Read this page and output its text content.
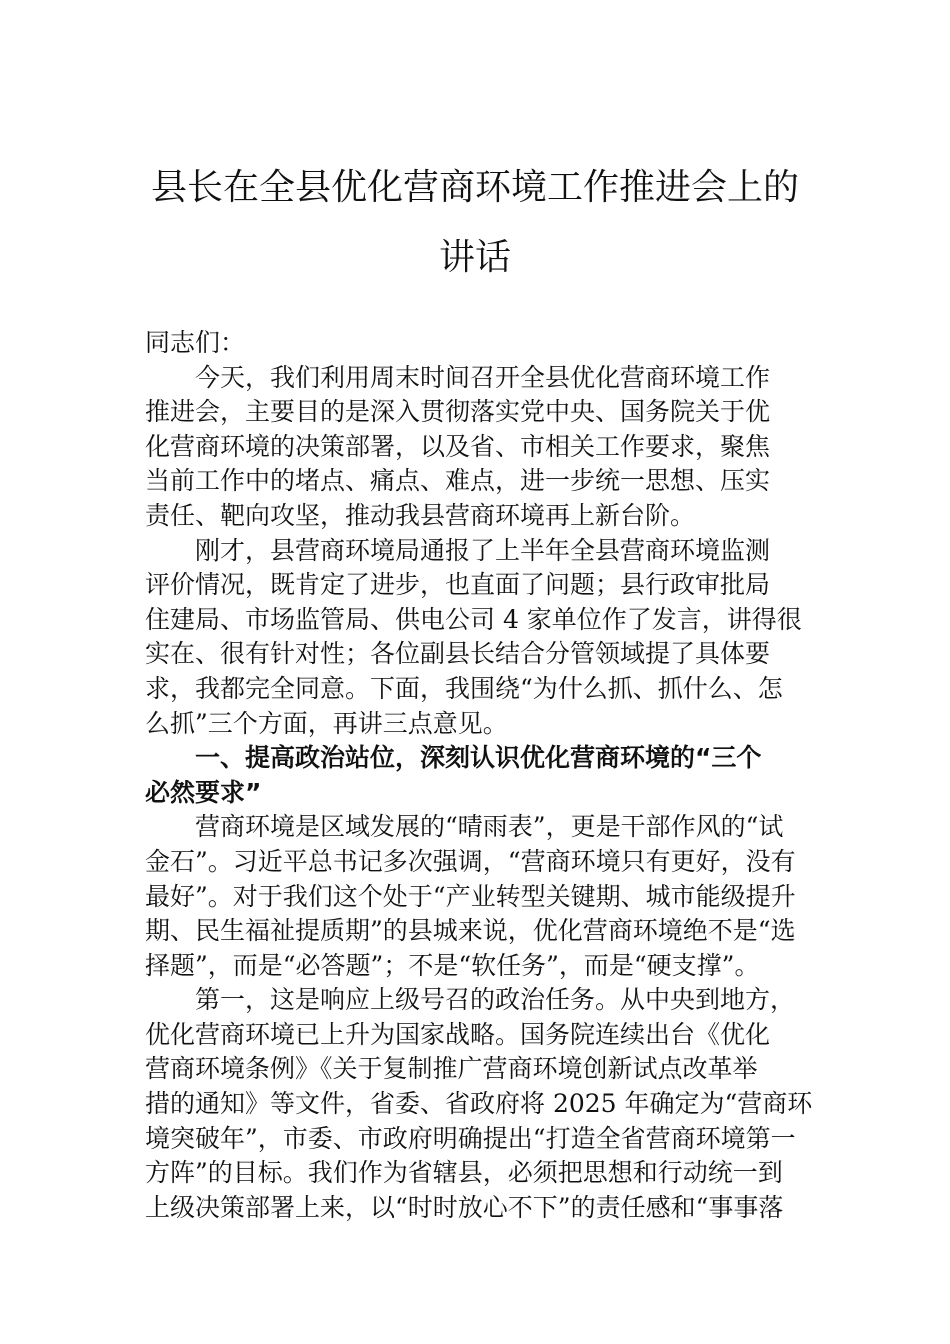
县长在全县优化营商环境工作推进会上的
讲话
同志们：
　　今天，我们利用周末时间召开全县优化营商环境工作
推进会，主要目的是深入贯彻落实党中央、国务院关于优
化营商环境的决策部署，以及省、市相关工作要求，聚焦
当前工作中的堵点、痛点、难点，进一步统一思想、压实
责任、靶向攻坚，推动我县营商环境再上新台阶。
　　刚才，县营商环境局通报了上半年全县营商环境监测
评价情况，既肯定了进步，也直面了问题；县行政审批局
住建局、市场监管局、供电公司 4 家单位作了发言，讲得很
实在、很有针对性；各位副县长结合分管领域提了具体要
求，我都完全同意。下面，我围绕“为什么抓、抓什么、怎
么抓”三个方面，再讲三点意见。
　　一、提高政治站位，深刻认识优化营商环境的“三个
必然要求”
　　营商环境是区域发展的“晴雨表”，更是干部作风的“试
金石”。习近平总书记多次强调，“营商环境只有更好，没有
最好”。对于我们这个处于“产业转型关键期、城市能级提升
期、民生福祉提质期”的县城来说，优化营商环境绝不是“选
择题”，而是“必答题”；不是“软任务”，而是“硬支撑”。
　　第一，这是响应上级号召的政治任务。从中央到地方，
优化营商环境已上升为国家战略。国务院连续出台《优化
营商环境条例》《关于复制推广营商环境创新试点改革举
措的通知》等文件，省委、省政府将 2025 年确定为“营商环
境突破年”，市委、市政府明确提出“打造全省营商环境第一
方阵”的目标。我们作为省辖县，必须把思想和行动统一到
上级决策部署上来，以“时时放心不下”的责任感和“事事落
